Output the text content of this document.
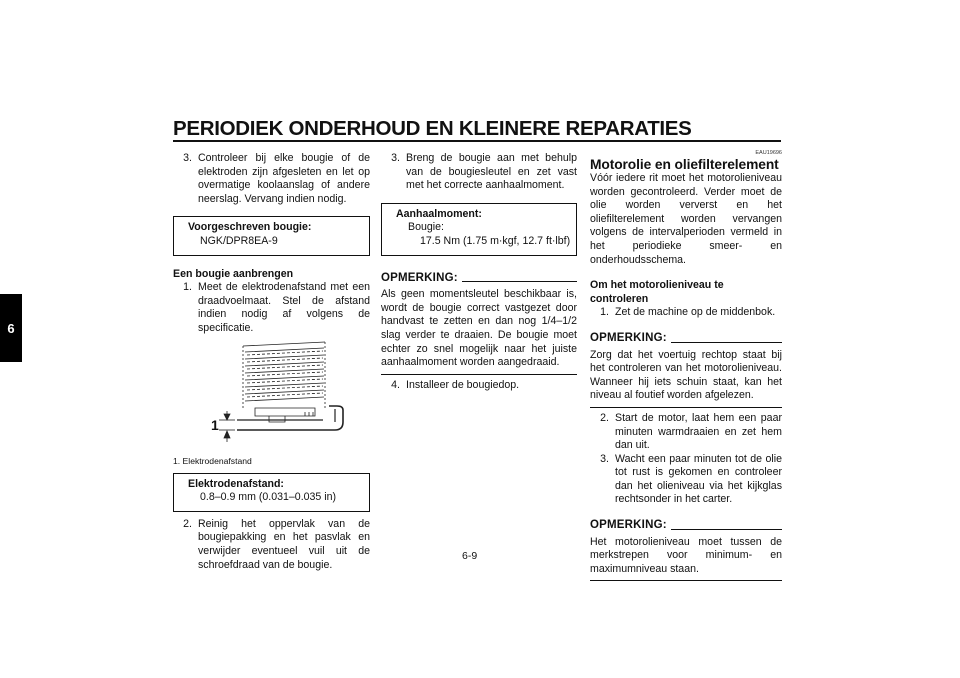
PERIODIEK ONDERHOUD EN KLEINERE REPARATIES
6
3. Controleer bij elke bougie of de elektroden zijn afgesleten en let op overmatige koolaanslag of andere neerslag. Vervang indien nodig.
Voorgeschreven bougie:
NGK/DPR8EA-9
Een bougie aanbrengen
1. Meet de elektrodenafstand met een draadvoelmaat. Stel de afstand indien nodig af volgens de specificatie.
1
1. Elektrodenafstand
Elektrodenafstand:
0.8–0.9 mm (0.031–0.035 in)
2. Reinig het oppervlak van de bougiepakking en het pasvlak en verwijder eventueel vuil uit de schroefdraad van de bougie.
3. Breng de bougie aan met behulp van de bougiesleutel en zet vast met het correcte aanhaalmoment.
Aanhaalmoment:
Bougie:
17.5 Nm (1.75 m·kgf, 12.7 ft·lbf)
OPMERKING:
Als geen momentsleutel beschikbaar is, wordt de bougie correct vastgezet door handvast te zetten en dan nog 1/4–1/2 slag verder te draaien. De bougie moet echter zo snel mogelijk naar het juiste aanhaalmoment worden aangedraaid.
4. Installeer de bougiedop.
EAU19696
Motorolie en oliefilterelement
Vóór iedere rit moet het motorolieniveau worden gecontroleerd. Verder moet de olie worden ververst en het oliefilterelement worden vervangen volgens de intervalperioden vermeld in het periodieke smeer- en onderhoudsschema.
Om het motorolieniveau te controleren
1. Zet de machine op de middenbok.
OPMERKING:
Zorg dat het voertuig rechtop staat bij het controleren van het motorolieniveau. Wanneer hij iets schuin staat, kan het niveau al foutief worden afgelezen.
2. Start de motor, laat hem een paar minuten warmdraaien en zet hem dan uit.
3. Wacht een paar minuten tot de olie tot rust is gekomen en controleer dan het olieniveau via het kijkglas rechtsonder in het carter.
OPMERKING:
Het motorolieniveau moet tussen de merkstrepen voor minimum- en maximumniveau staan.
6-9
